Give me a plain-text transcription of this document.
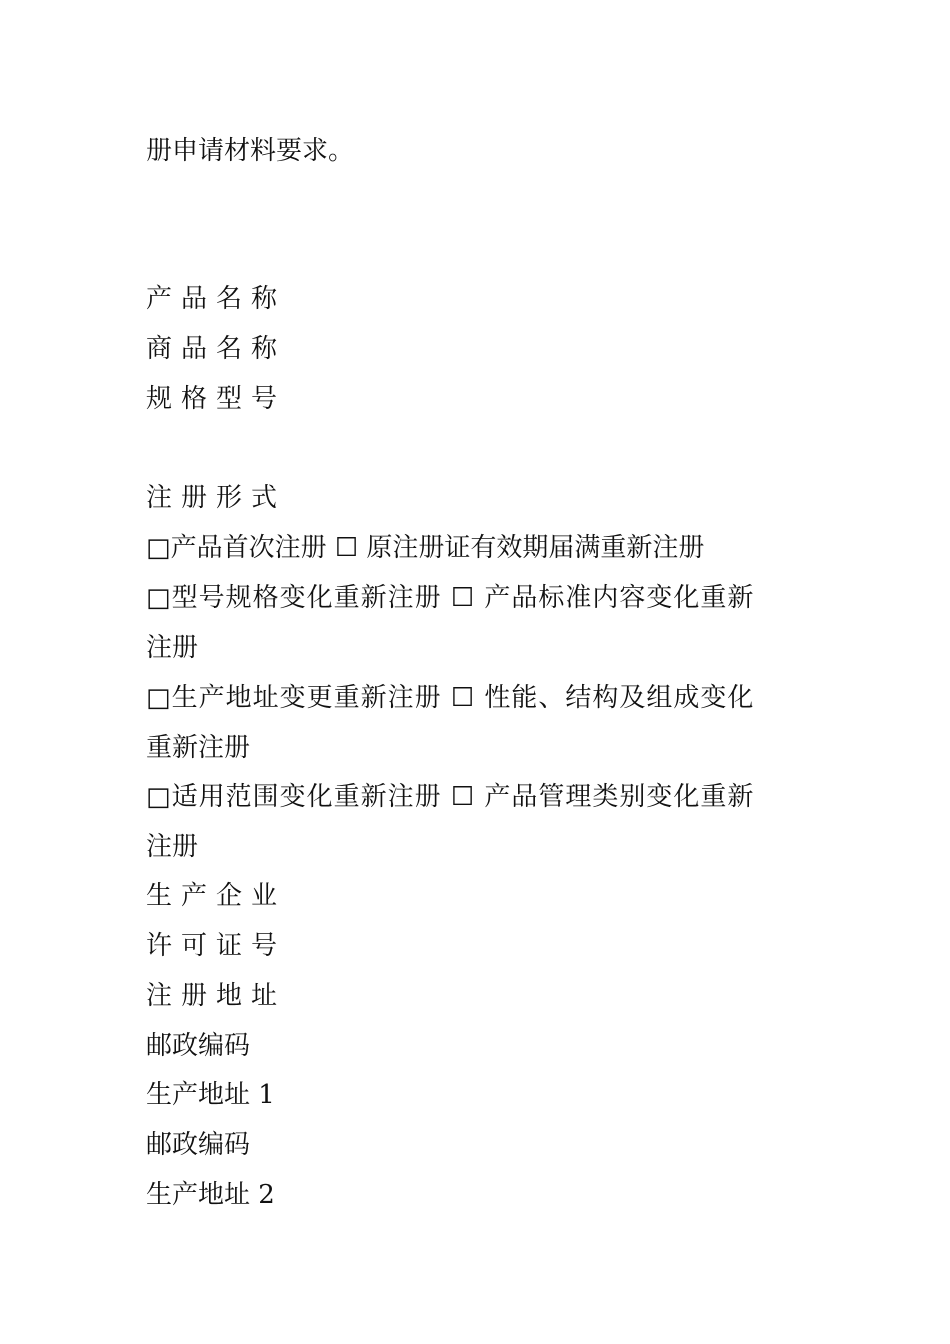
册申请材料要求。

产品名称

商品名称

规格型号

注册形式

□产品首次注册 ☐ 原注册证有效期届满重新注册

□型号规格变化重新注册 ☐ 产品标准内容变化重新

注册

□生产地址变更重新注册 ☐ 性能、结构及组成变化

重新注册

□适用范围变化重新注册 ☐ 产品管理类别变化重新

注册

生产企业

许可证号

注册地址

邮政编码

生产地址 1

邮政编码

生产地址 2
